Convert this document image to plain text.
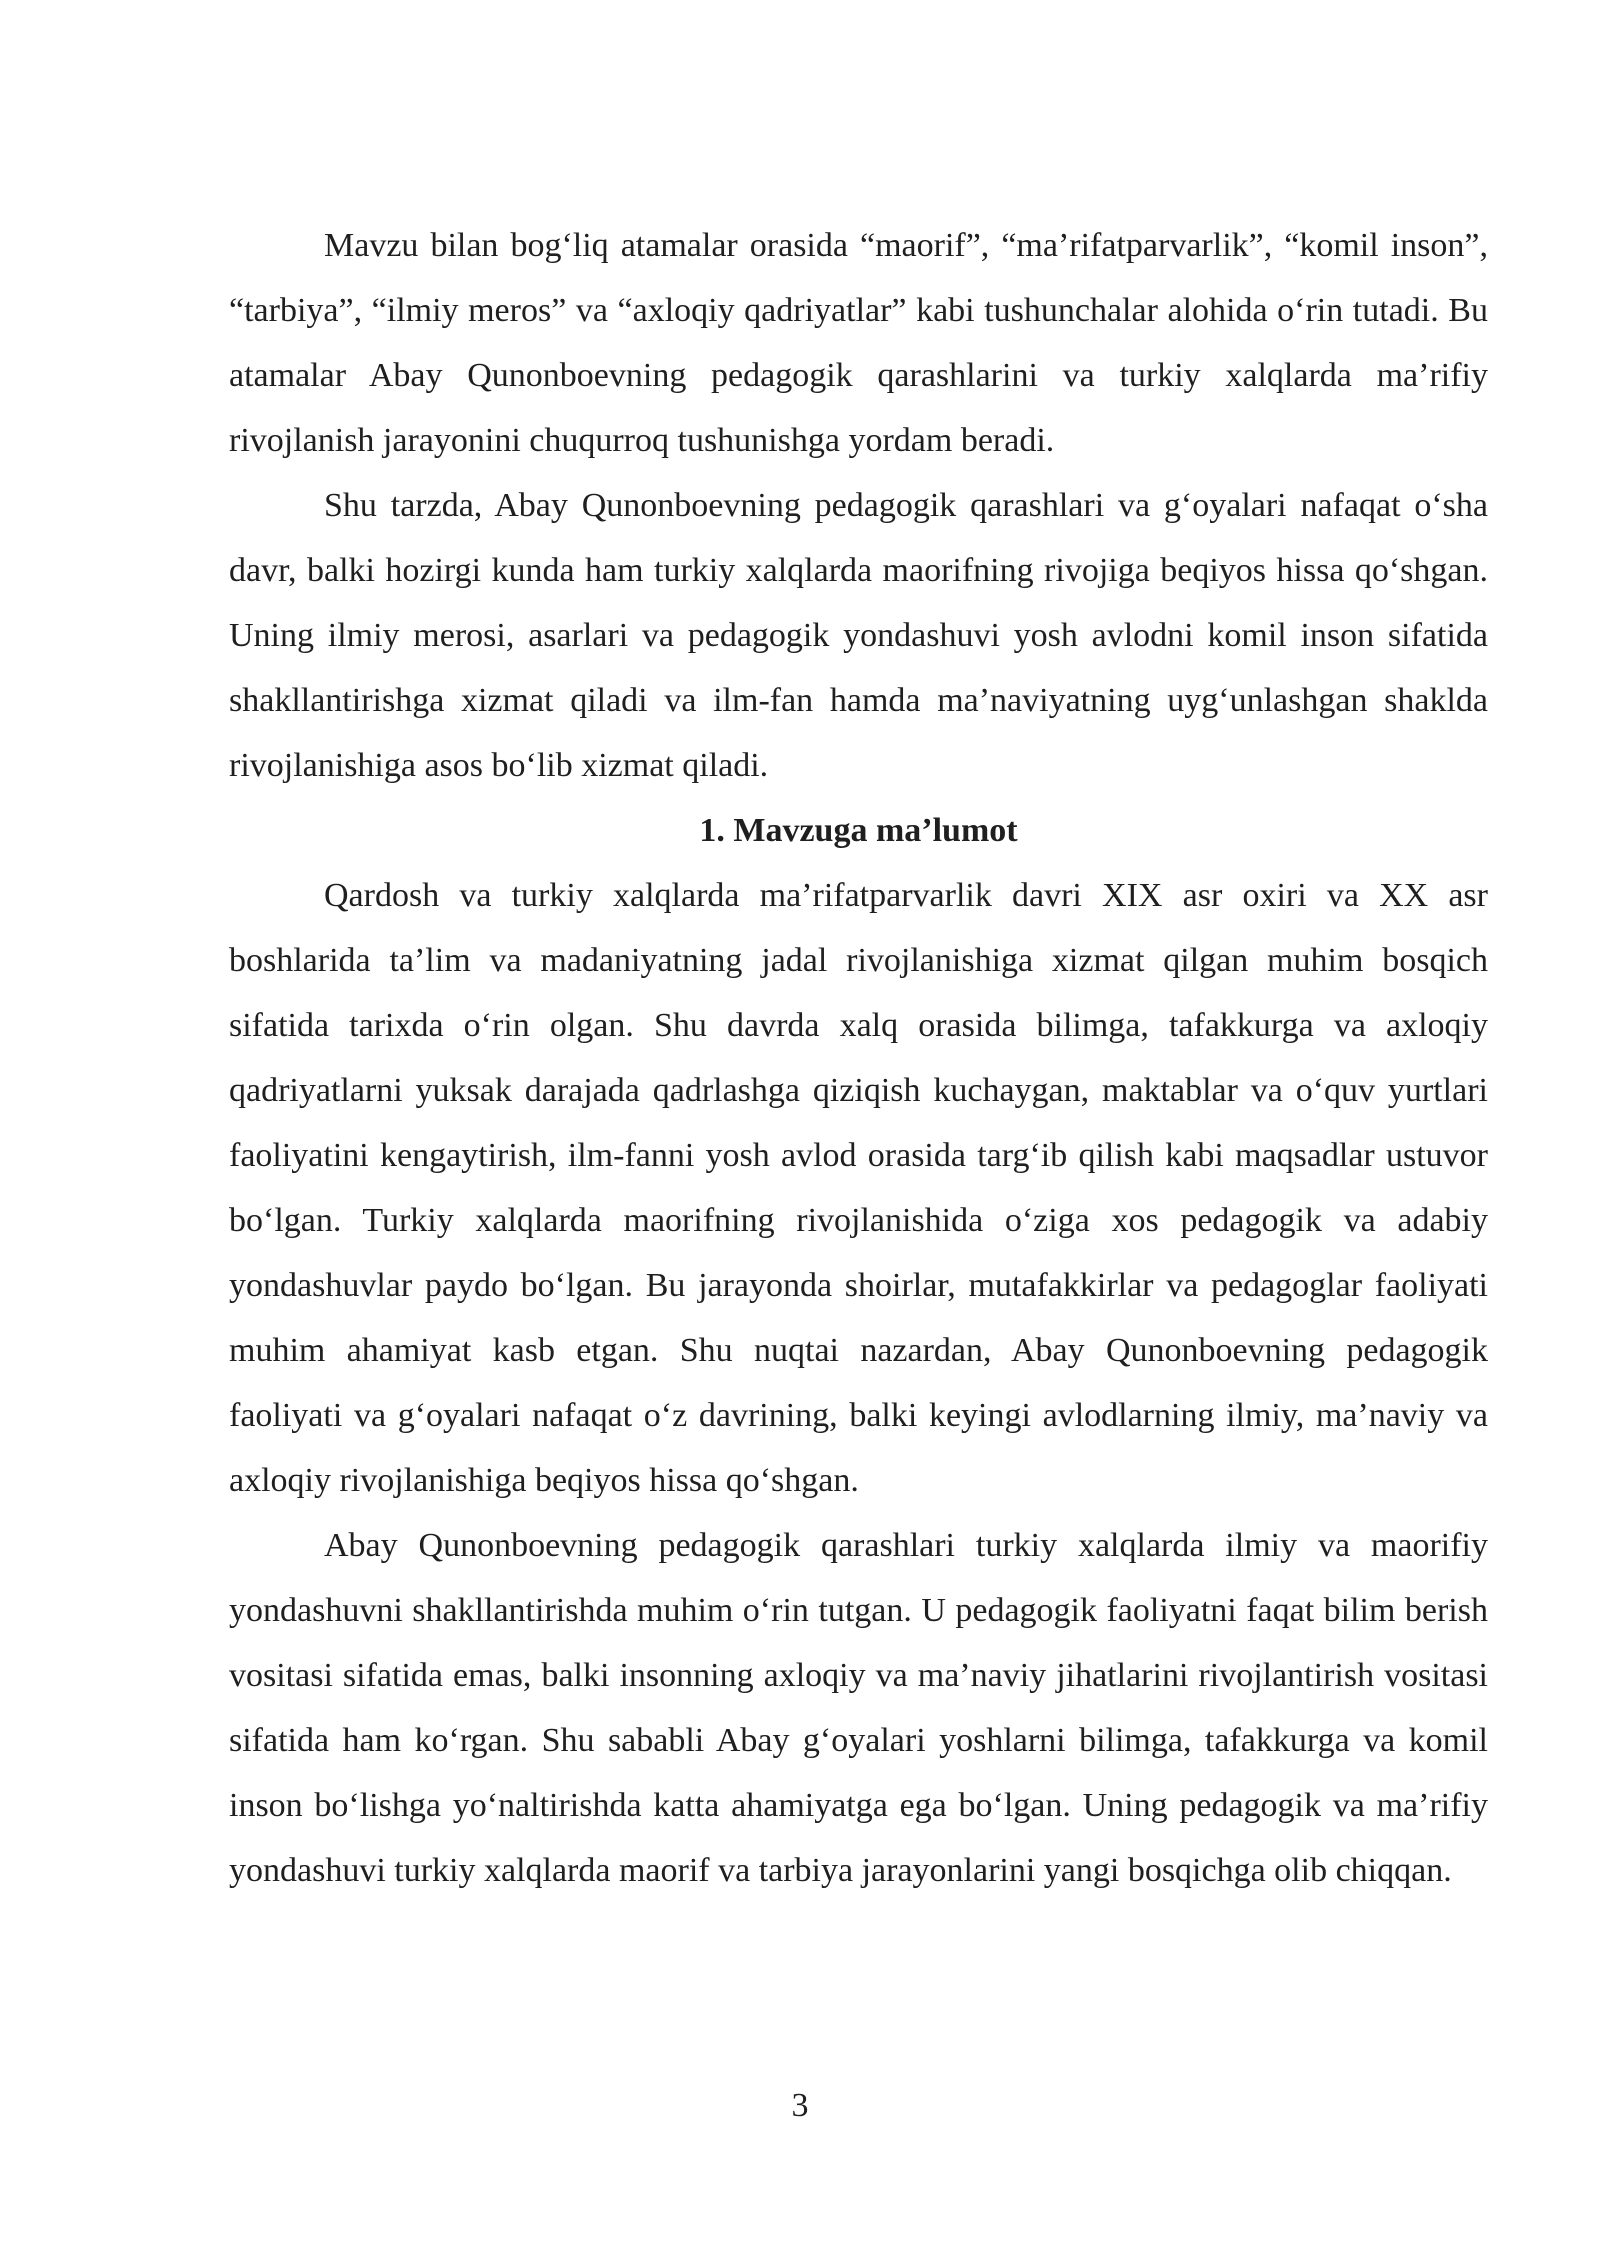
Mavzu bilan bog‘liq atamalar orasida “maorif”, “ma’rifatparvarlik”, “komil inson”, “tarbiya”, “ilmiy meros” va “axloqiy qadriyatlar” kabi tushunchalar alohida o‘rin tutadi. Bu atamalar Abay Qunonboevning pedagogik qarashlarini va turkiy xalqlarda ma’rifiy rivojlanish jarayonini chuqurroq tushunishga yordam beradi.

Shu tarzda, Abay Qunonboevning pedagogik qarashlari va g‘oyalari nafaqat o‘sha davr, balki hozirgi kunda ham turkiy xalqlarda maorifning rivojiga beqiyos hissa qo‘shgan. Uning ilmiy merosi, asarlari va pedagogik yondashuvi yosh avlodni komil inson sifatida shakllantirishga xizmat qiladi va ilm-fan hamda ma’naviyatning uyg‘unlashgan shaklda rivojlanishiga asos bo‘lib xizmat qiladi.

1. Mavzuga ma’lumot

Qardosh va turkiy xalqlarda ma’rifatparvarlik davri XIX asr oxiri va XX asr boshlarida ta’lim va madaniyatning jadal rivojlanishiga xizmat qilgan muhim bosqich sifatida tarixda o‘rin olgan. Shu davrda xalq orasida bilimga, tafakkurga va axloqiy qadriyatlarni yuksak darajada qadrlashga qiziqish kuchaygan, maktablar va o‘quv yurtlari faoliyatini kengaytirish, ilm-fanni yosh avlod orasida targ‘ib qilish kabi maqsadlar ustuvor bo‘lgan. Turkiy xalqlarda maorifning rivojlanishida o‘ziga xos pedagogik va adabiy yondashuvlar paydo bo‘lgan. Bu jarayonda shoirlar, mutafakkirlar va pedagoglar faoliyati muhim ahamiyat kasb etgan. Shu nuqtai nazardan, Abay Qunonboevning pedagogik faoliyati va g‘oyalari nafaqat o‘z davrining, balki keyingi avlodlarning ilmiy, ma’naviy va axloqiy rivojlanishiga beqiyos hissa qo‘shgan.

Abay Qunonboevning pedagogik qarashlari turkiy xalqlarda ilmiy va maorifiy yondashuvni shakllantirishda muhim o‘rin tutgan. U pedagogik faoliyatni faqat bilim berish vositasi sifatida emas, balki insonning axloqiy va ma’naviy jihatlarini rivojlantirish vositasi sifatida ham ko‘rgan. Shu sababli Abay g‘oyalari yoshlarni bilimga, tafakkurga va komil inson bo‘lishga yo‘naltirishda katta ahamiyatga ega bo‘lgan. Uning pedagogik va ma’rifiy yondashuvi turkiy xalqlarda maorif va tarbiya jarayonlarini yangi bosqichga olib chiqqan.

3
